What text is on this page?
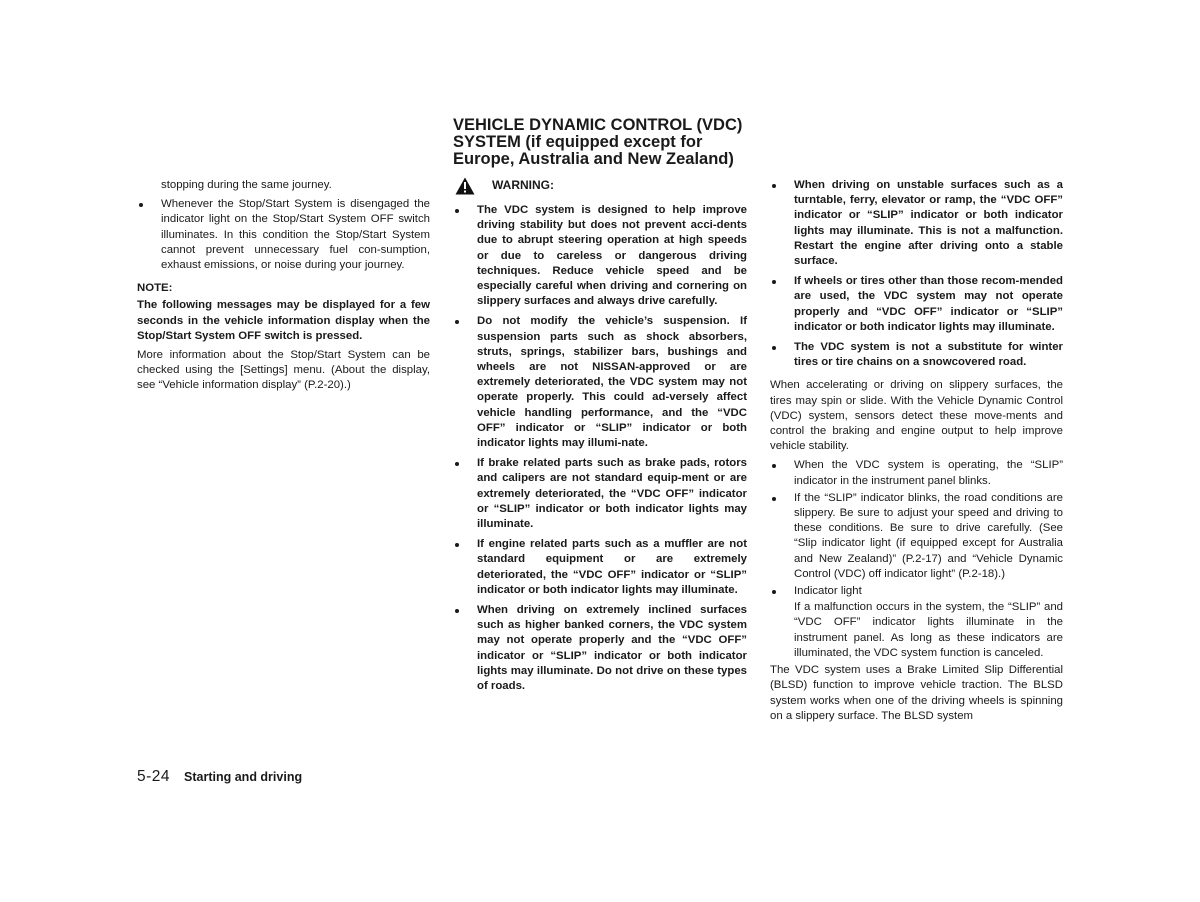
stopping during the same journey.

Whenever the Stop/Start System is disengaged the indicator light on the Stop/Start System OFF switch illuminates. In this condition the Stop/Start System cannot prevent unnecessary fuel con-sumption, exhaust emissions, or noise during your journey.
NOTE:

The following messages may be displayed for a few seconds in the vehicle information display when the Stop/Start System OFF switch is pressed.

More information about the Stop/Start System can be checked using the [Settings] menu. (About the display, see “Vehicle information display” (P.2-20).)

VEHICLE DYNAMIC CONTROL (VDC)
SYSTEM (if equipped except for
Europe, Australia and New Zealand)
WARNING:
The VDC system is designed to help improve driving stability but does not prevent acci-dents due to abrupt steering operation at high speeds or due to careless or dangerous driving techniques. Reduce vehicle speed and be especially careful when driving and cornering on slippery surfaces and always drive carefully.
Do not modify the vehicle’s suspension. If suspension parts such as shock absorbers, struts, springs, stabilizer bars, bushings and wheels are not NISSAN-approved or are extremely deteriorated, the VDC system may not operate properly. This could ad-versely affect vehicle handling performance, and the “VDC OFF” indicator or “SLIP” indicator or both indicator lights may illumi-nate.
If brake related parts such as brake pads, rotors and calipers are not standard equip-ment or are extremely deteriorated, the “VDC OFF” indicator or “SLIP” indicator or both indicator lights may illuminate.
If engine related parts such as a muffler are not standard equipment or are extremely deteriorated, the “VDC OFF” indicator or “SLIP” indicator or both indicator lights may illuminate.
When driving on extremely inclined surfaces such as higher banked corners, the VDC system may not operate properly and the “VDC OFF” indicator or “SLIP” indicator or both indicator lights may illuminate. Do not drive on these types of roads.
When driving on unstable surfaces such as a turntable, ferry, elevator or ramp, the “VDC OFF” indicator or “SLIP” indicator or both indicator lights may illuminate. This is not a malfunction. Restart the engine after driving onto a stable surface.
If wheels or tires other than those recom-mended are used, the VDC system may not operate properly and “VDC OFF” indicator or “SLIP” indicator or both indicator lights may illuminate.
The VDC system is not a substitute for winter tires or tire chains on a snowcovered road.

When accelerating or driving on slippery surfaces, the tires may spin or slide. With the Vehicle Dynamic Control (VDC) system, sensors detect these move-ments and control the braking and engine output to help improve vehicle stability.

When the VDC system is operating, the “SLIP” indicator in the instrument panel blinks.
If the “SLIP” indicator blinks, the road conditions are slippery. Be sure to adjust your speed and driving to these conditions. Be sure to drive carefully. (See “Slip indicator light (if equipped except for Australia and New Zealand)” (P.2-17) and “Vehicle Dynamic Control (VDC) off indicator light” (P.2-18).)
Indicator light

If a malfunction occurs in the system, the “SLIP” and “VDC OFF” indicator lights illuminate in the instrument panel. As long as these indicators are illuminated, the VDC system function is canceled.

The VDC system uses a Brake Limited Slip Differential (BLSD) function to improve vehicle traction. The BLSD system works when one of the driving wheels is spinning on a slippery surface. The BLSD system

5-24 Starting and driving
